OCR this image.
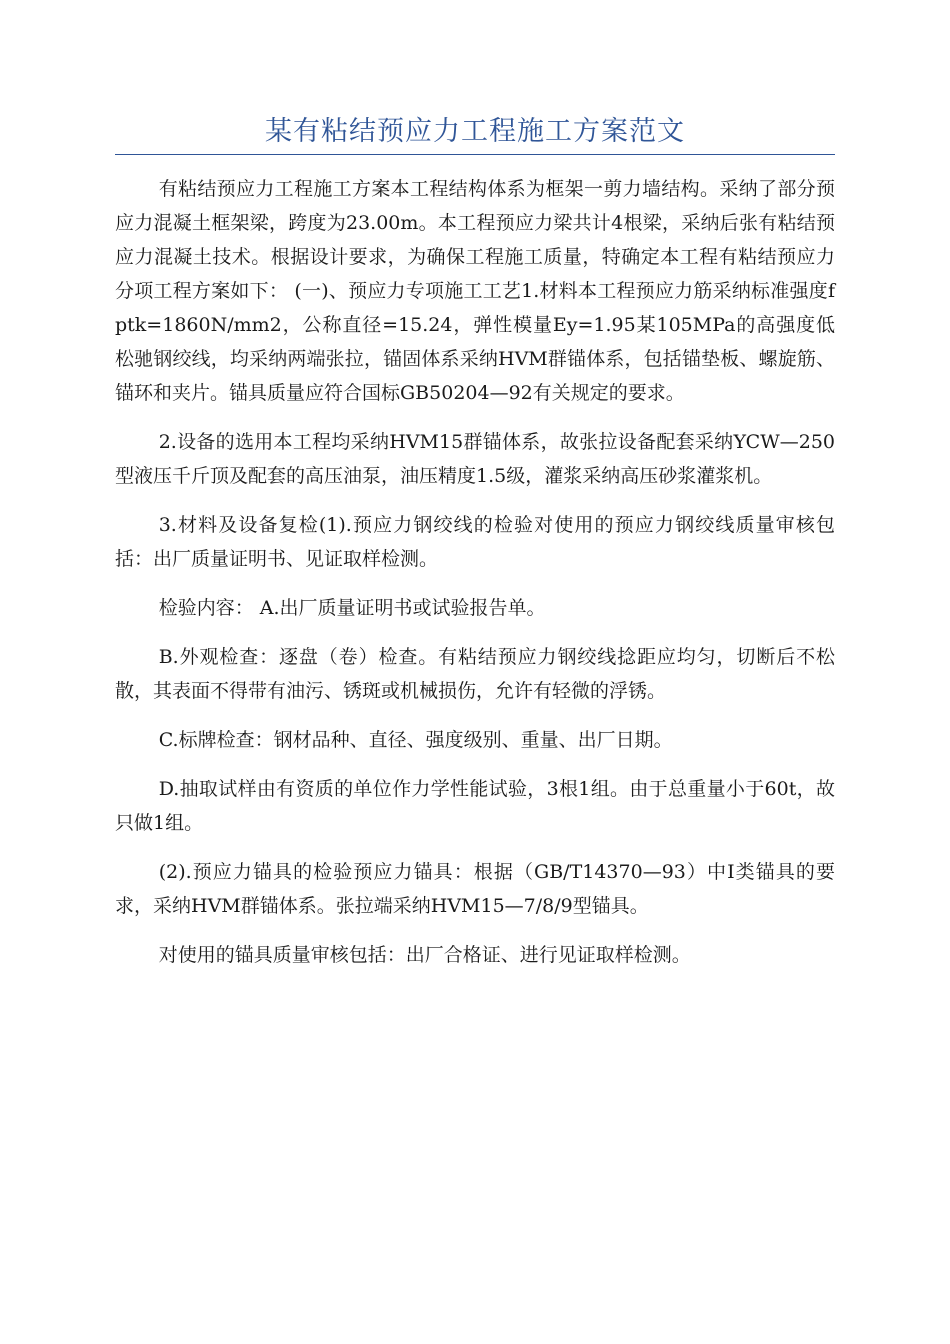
某有粘结预应力工程施工方案范文

有粘结预应力工程施工方案本工程结构体系为框架一剪力墙结构。采纳了部分预应力混凝土框架梁，跨度为23.00m。本工程预应力梁共计4根梁，采纳后张有粘结预应力混凝土技术。根据设计要求，为确保工程施工质量，特确定本工程有粘结预应力分项工程方案如下： (一)、预应力专项施工工艺1.材料本工程预应力筋采纳标准强度fptk=1860N/mm2，公称直径=15.24，弹性模量Ey=1.95某105MPa的高强度低松驰钢绞线，均采纳两端张拉，锚固体系采纳HVM群锚体系，包括锚垫板、螺旋筋、锚环和夹片。锚具质量应符合国标GB50204—92有关规定的要求。

2.设备的选用本工程均采纳HVM15群锚体系，故张拉设备配套采纳YCW—250型液压千斤顶及配套的高压油泵，油压精度1.5级，灌浆采纳高压砂浆灌浆机。

3.材料及设备复检(1).预应力钢绞线的检验对使用的预应力钢绞线质量审核包括：出厂质量证明书、见证取样检测。

检验内容： A.出厂质量证明书或试验报告单。

B.外观检查：逐盘（卷）检查。有粘结预应力钢绞线捻距应均匀，切断后不松散，其表面不得带有油污、锈斑或机械损伤，允许有轻微的浮锈。

C.标牌检查：钢材品种、直径、强度级别、重量、出厂日期。

D.抽取试样由有资质的单位作力学性能试验，3根1组。由于总重量小于60t，故只做1组。

(2).预应力锚具的检验预应力锚具：根据（GB/T14370—93）中I类锚具的要求，采纳HVM群锚体系。张拉端采纳HVM15—7/8/9型锚具。

对使用的锚具质量审核包括：出厂合格证、进行见证取样检测。
